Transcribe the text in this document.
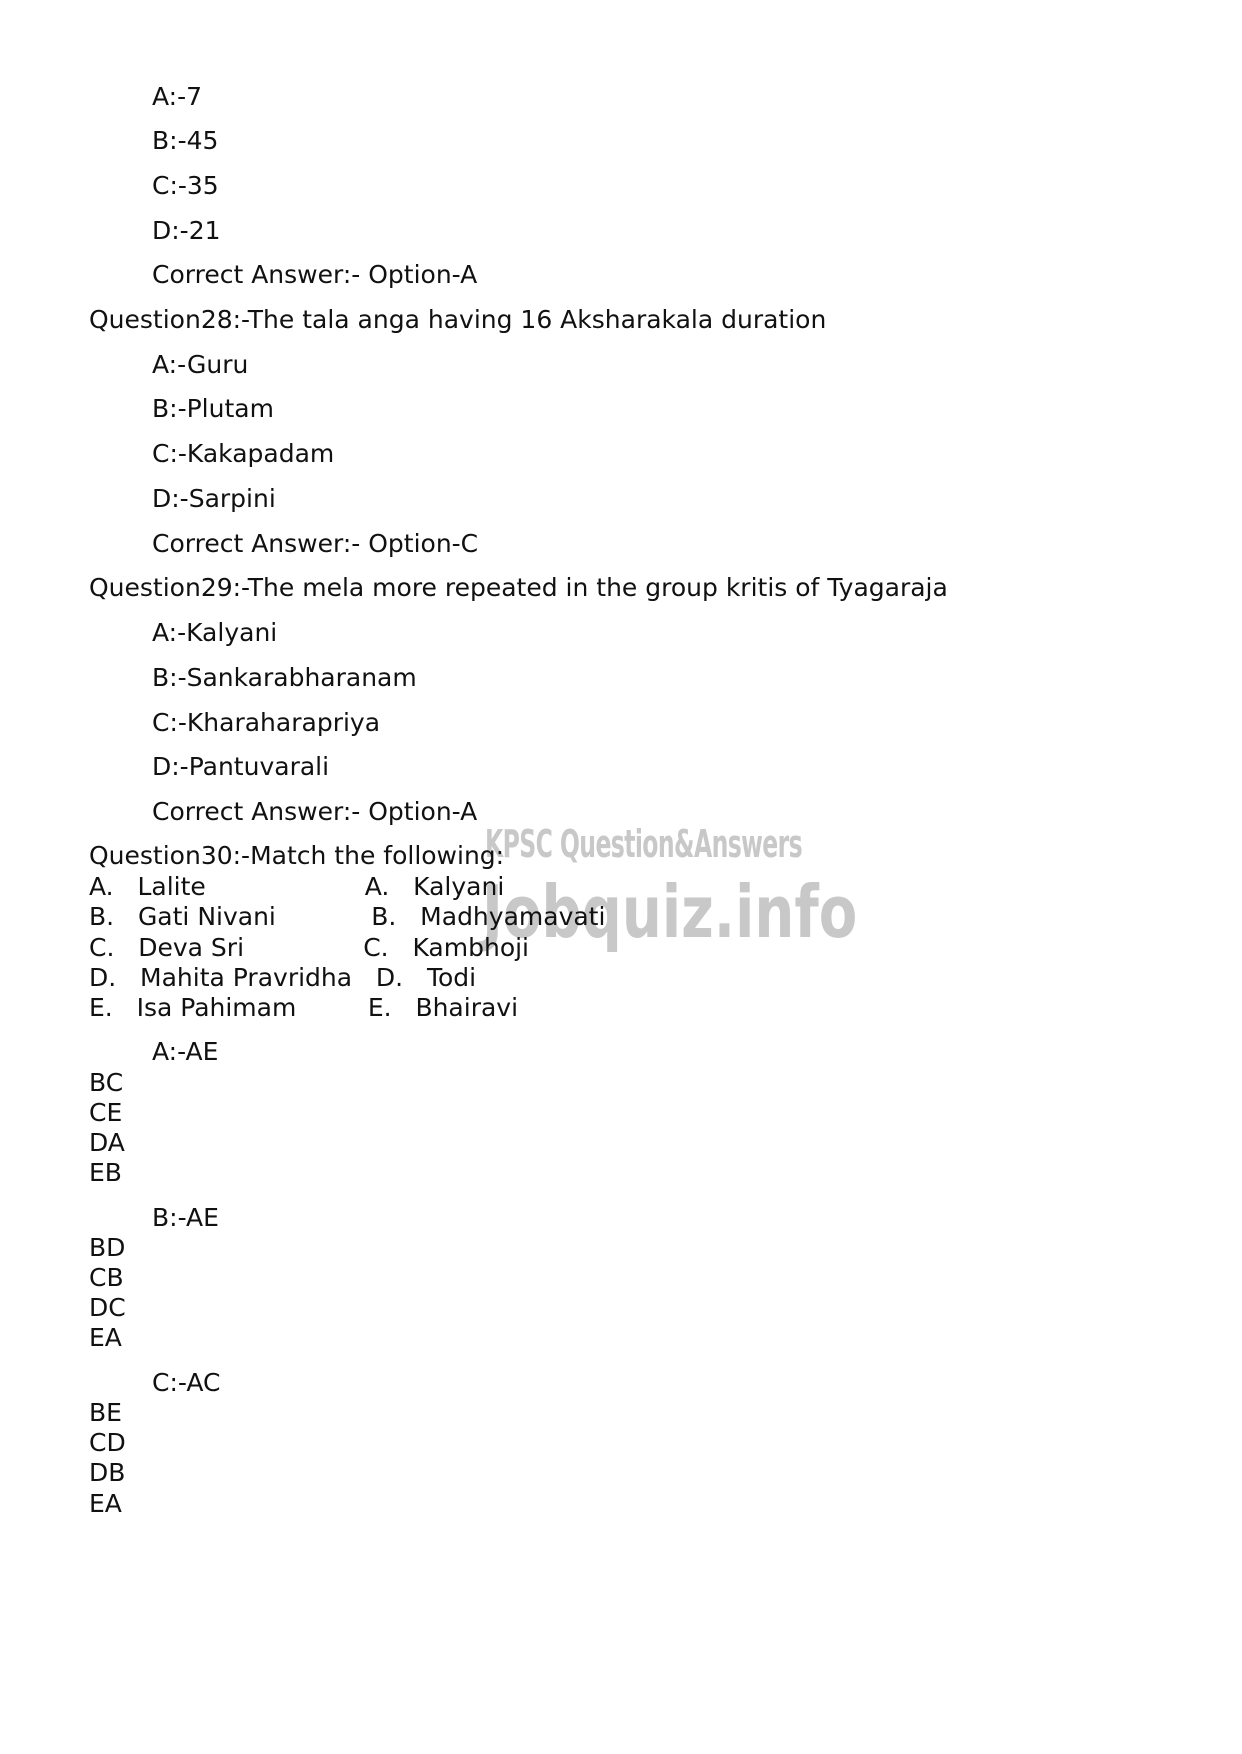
KPSC Question&Answers
Jobquiz.info
A:-7
B:-45
C:-35
D:-21
Correct Answer:- Option-A
Question28:-The tala anga having 16 Aksharakala duration
A:-Guru
B:-Plutam
C:-Kakapadam
D:-Sarpini
Correct Answer:- Option-C
Question29:-The mela more repeated in the group kritis of Tyagaraja
A:-Kalyani
B:-Sankarabharanam
C:-Kharaharapriya
D:-Pantuvarali
Correct Answer:- Option-A
Question30:-Match the following:
A.   Lalite                    A.   Kalyani
B.   Gati Nivani            B.   Madhyamavati
C.   Deva Sri               C.   Kambhoji
D.   Mahita Pravridha   D.   Todi
E.   Isa Pahimam         E.   Bhairavi
A:-AE
BC
CE
DA
EB
B:-AE
BD
CB
DC
EA
C:-AC
BE
CD
DB
EA
